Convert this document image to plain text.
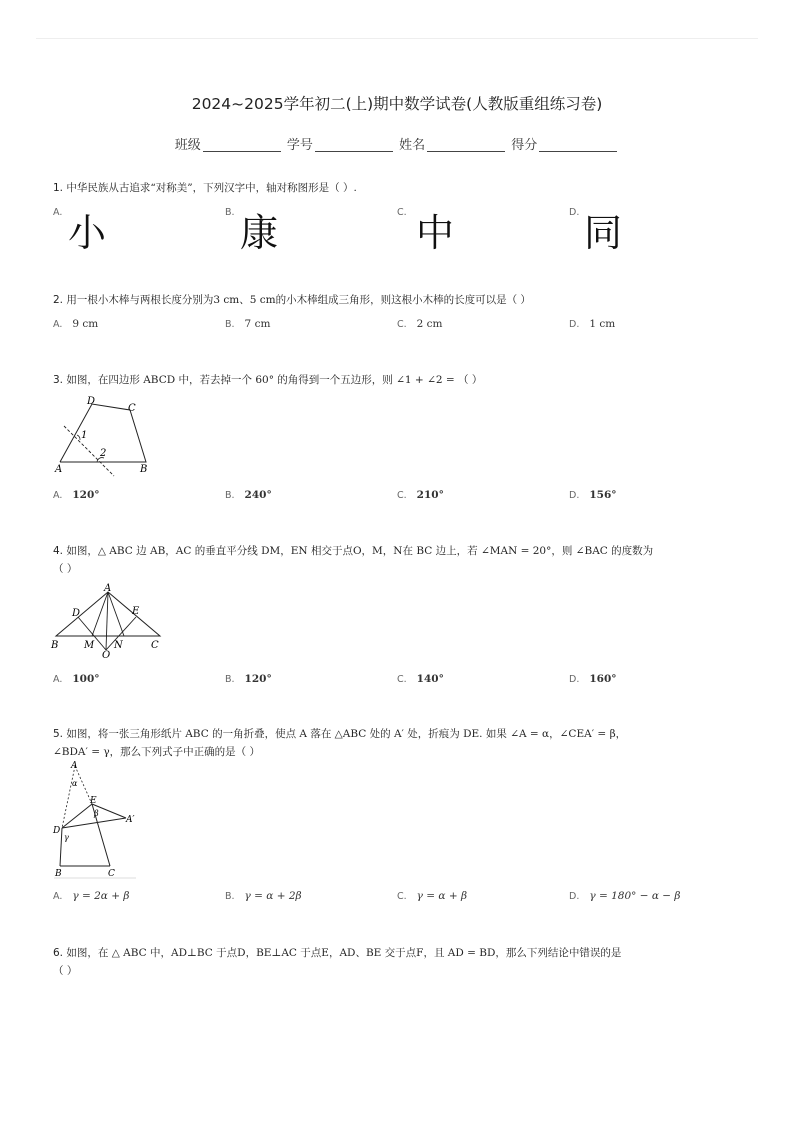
2024~2025学年初二(上)期中数学试卷(人教版重组练习卷)
班级	学号	姓名	得分
1. 中华民族从古追求“对称美”，下列汉字中，轴对称图形是（ ）.
A. 小	B. 康	C. 中	D. 同
2. 用一根小木棒与两根长度分别为3 cm、5 cm的小木棒组成三角形，则这根小木棒的长度可以是（ ）
A. 9 cm	B. 7 cm	C. 2 cm	D. 1 cm
3. 如图，在四边形 ABCD 中，若去掉一个 60° 的角得到一个五边形，则 ∠1 + ∠2 = （ ）
A	B
C
D
1
2
A. 120°	B. 240°	C. 210°	D. 156°
4. 如图，△ ABC 边 AB，AC 的垂直平分线 DM，EN 相交于点O，M，N在 BC 边上，若 ∠MAN = 20°，则 ∠BAC 的度数为
（ ）
A
B	C
D	E
M N
O
A. 100°	B. 120°	C. 140°	D. 160°
5. 如图，将一张三角形纸片 ABC 的一角折叠，使点 A 落在 △ABC 处的 A′ 处，折痕为 DE. 如果 ∠A = α，∠CEA′ = β，
∠BDA′ = γ，那么下列式子中正确的是（ ）
A
α
E
β
A′
D
γ
B	C
A. γ = 2α + β	B. γ = α + 2β	C. γ = α + β	D. γ = 180° − α − β
6. 如图，在 △ ABC 中，AD⊥BC 于点D，BE⊥AC 于点E，AD、BE 交于点F，且 AD = BD，那么下列结论中错误的是
（ ）
